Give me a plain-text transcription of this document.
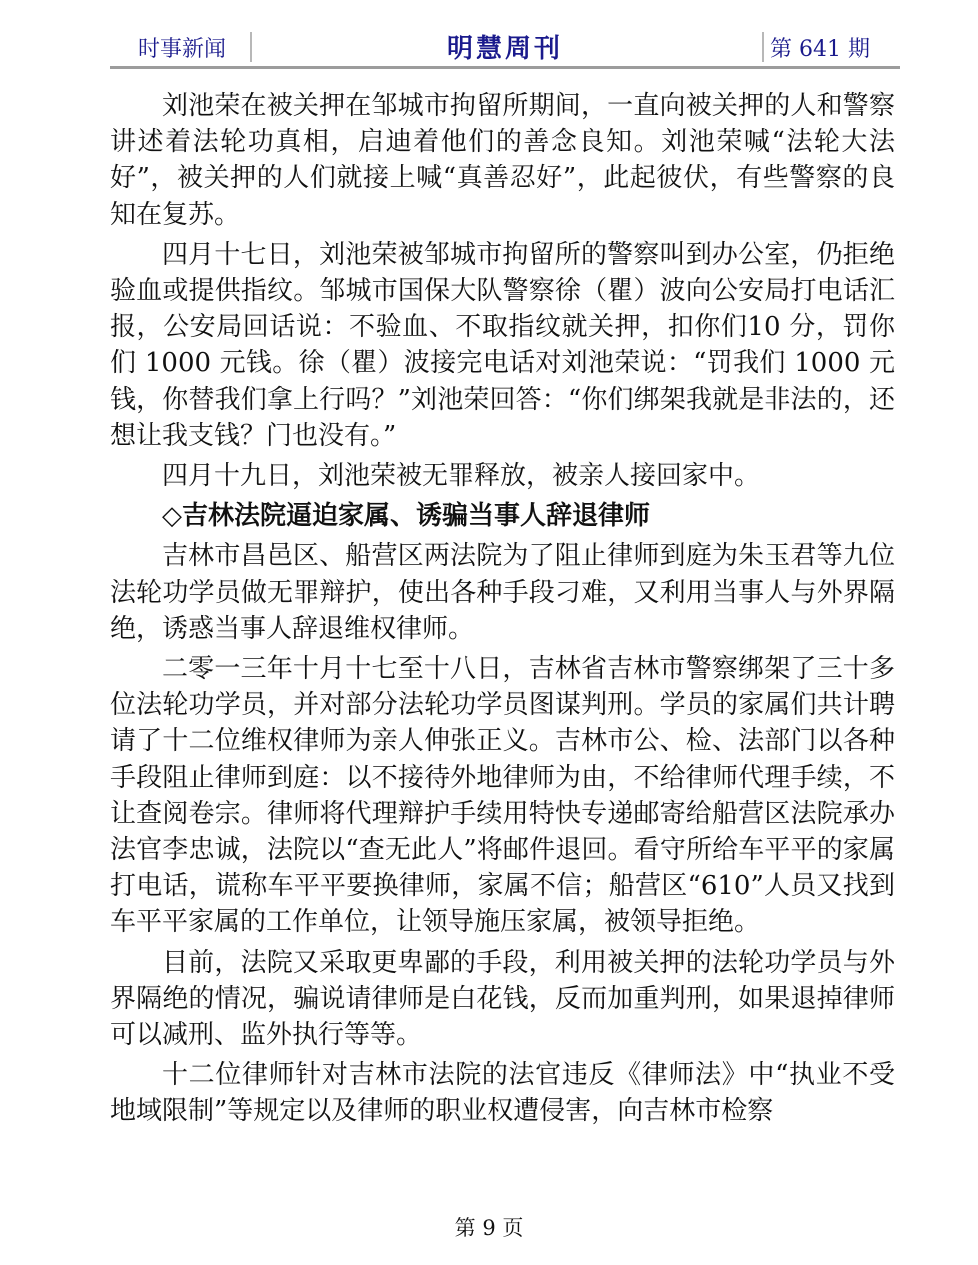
时事新闻	明慧周刊	第 641 期

刘池荣在被关押在邹城市拘留所期间，一直向被关押的人和警察讲述着法轮功真相，启迪着他们的善念良知。刘池荣喊“法轮大法好”，被关押的人们就接上喊“真善忍好”，此起彼伏，有些警察的良知在复苏。

四月十七日，刘池荣被邹城市拘留所的警察叫到办公室，仍拒绝验血或提供指纹。邹城市国保大队警察徐（瞿）波向公安局打电话汇报，公安局回话说：不验血、不取指纹就关押，扣你们10 分，罚你们 1000 元钱。徐（瞿）波接完电话对刘池荣说：“罚我们 1000 元钱，你替我们拿上行吗？”刘池荣回答：“你们绑架我就是非法的，还想让我支钱？门也没有。”

四月十九日，刘池荣被无罪释放，被亲人接回家中。

◇吉林法院逼迫家属、诱骗当事人辞退律师

吉林市昌邑区、船营区两法院为了阻止律师到庭为朱玉君等九位法轮功学员做无罪辩护，使出各种手段刁难，又利用当事人与外界隔绝，诱惑当事人辞退维权律师。

二零一三年十月十七至十八日，吉林省吉林市警察绑架了三十多位法轮功学员，并对部分法轮功学员图谋判刑。学员的家属们共计聘请了十二位维权律师为亲人伸张正义。吉林市公、检、法部门以各种手段阻止律师到庭：以不接待外地律师为由，不给律师代理手续，不让查阅卷宗。律师将代理辩护手续用特快专递邮寄给船营区法院承办法官李忠诚，法院以“查无此人”将邮件退回。看守所给车平平的家属打电话，谎称车平平要换律师，家属不信；船营区“610”人员又找到车平平家属的工作单位，让领导施压家属，被领导拒绝。

目前，法院又采取更卑鄙的手段，利用被关押的法轮功学员与外界隔绝的情况，骗说请律师是白花钱，反而加重判刑，如果退掉律师可以减刑、监外执行等等。

十二位律师针对吉林市法院的法官违反《律师法》中“执业不受地域限制”等规定以及律师的职业权遭侵害，向吉林市检察

第 9 页
